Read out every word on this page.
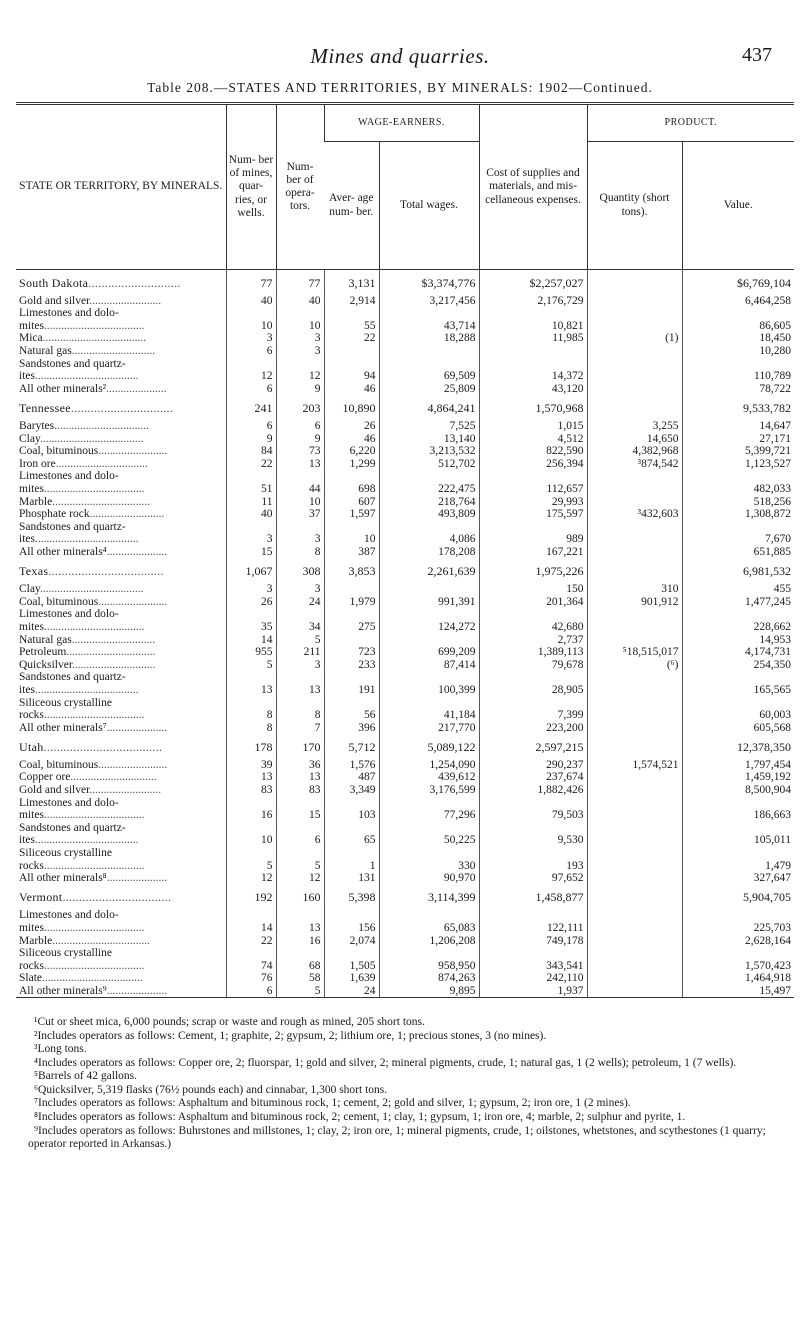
Mines and quarries.	437
Table 208.—STATES AND TERRITORIES, BY MINERALS: 1902—Continued.
STATE OR TERRITORY, BY MINERALS.	Num- ber of mines, quar- ries, or wells.	Num- ber of opera- tors.	WAGE-EARNERS.		Cost of supplies and materials, and mis- cellaneous expenses.	PRODUCT.	
			Aver- age num- ber.	Total wages.		Quantity (short tons).	Value.
South Dakota............................	77	77	3,131	$3,374,776	$2,257,027		$6,769,104
Gold and silver.........................	40	40	2,914	3,217,456	2,176,729		6,464,258
Limestones and dolo-							
mites...................................	10	10	55	43,714	10,821		86,605
Mica....................................	3	3	22	18,288	11,985	(1)	18,450
Natural gas.............................	6	3					10,280
Sandstones and quartz-							
ites....................................	12	12	94	69,509	14,372		110,789
All other minerals².....................	6	9	46	25,809	43,120		78,722
Tennessee...............................	241	203	10,890	4,864,241	1,570,968		9,533,782
Barytes.................................	6	6	26	7,525	1,015	3,255	14,647
Clay....................................	9	9	46	13,140	4,512	14,650	27,171
Coal, bituminous........................	84	73	6,220	3,213,532	822,590	4,382,968	5,399,721
Iron ore................................	22	13	1,299	512,702	256,394	³874,542	1,123,527
Limestones and dolo-							
mites...................................	51	44	698	222,475	112,657		482,033
Marble..................................	11	10	607	218,764	29,993		518,256
Phosphate rock..........................	40	37	1,597	493,809	175,597	³432,603	1,308,872
Sandstones and quartz-							
ites....................................	3	3	10	4,086	989		7,670
All other minerals⁴.....................	15	8	387	178,208	167,221		651,885
Texas...................................	1,067	308	3,853	2,261,639	1,975,226		6,981,532
Clay....................................	3	3			150	310	455
Coal, bituminous........................	26	24	1,979	991,391	201,364	901,912	1,477,245
Limestones and dolo-							
mites...................................	35	34	275	124,272	42,680		228,662
Natural gas.............................	14	5			2,737		14,953
Petroleum...............................	955	211	723	699,209	1,389,113	⁵18,515,017	4,174,731
Quicksilver.............................	5	3	233	87,414	79,678	(⁶)	254,350
Sandstones and quartz-							
ites....................................	13	13	191	100,399	28,905		165,565
Siliceous crystalline							
rocks...................................	8	8	56	41,184	7,399		60,003
All other minerals⁷.....................	8	7	396	217,770	223,200		605,568
Utah....................................	178	170	5,712	5,089,122	2,597,215		12,378,350
Coal, bituminous........................	39	36	1,576	1,254,090	290,237	1,574,521	1,797,454
Copper ore..............................	13	13	487	439,612	237,674		1,459,192
Gold and silver.........................	83	83	3,349	3,176,599	1,882,426		8,500,904
Limestones and dolo-							
mites...................................	16	15	103	77,296	79,503		186,663
Sandstones and quartz-							
ites....................................	10	6	65	50,225	9,530		105,011
Siliceous crystalline							
rocks...................................	5	5	1	330	193		1,479
All other minerals⁸.....................	12	12	131	90,970	97,652		327,647
Vermont.................................	192	160	5,398	3,114,399	1,458,877		5,904,705
Limestones and dolo-							
mites...................................	14	13	156	65,083	122,111		225,703
Marble..................................	22	16	2,074	1,206,208	749,178		2,628,164
Siliceous crystalline							
rocks...................................	74	68	1,505	958,950	343,541		1,570,423
Slate...................................	76	58	1,639	874,263	242,110		1,464,918
All other minerals⁹.....................	6	5	24	9,895	1,937		15,497

¹Cut or sheet mica, 6,000 pounds; scrap or waste and rough as mined, 205 short tons.

²Includes operators as follows: Cement, 1; graphite, 2; gypsum, 2; lithium ore, 1; precious stones, 3 (no mines).

³Long tons.

⁴Includes operators as follows: Copper ore, 2; fluorspar, 1; gold and silver, 2; mineral pigments, crude, 1; natural gas, 1 (2 wells); petroleum, 1 (7 wells).

⁵Barrels of 42 gallons.

⁶Quicksilver, 5,319 flasks (76½ pounds each) and cinnabar, 1,300 short tons.

⁷Includes operators as follows: Asphaltum and bituminous rock, 1; cement, 2; gold and silver, 1; gypsum, 2; iron ore, 1 (2 mines).

⁸Includes operators as follows: Asphaltum and bituminous rock, 2; cement, 1; clay, 1; gypsum, 1; iron ore, 4; marble, 2; sulphur and pyrite, 1.

⁹Includes operators as follows: Buhrstones and millstones, 1; clay, 2; iron ore, 1; mineral pigments, crude, 1; oilstones, whetstones, and scythestones (1 quarry; operator reported in Arkansas.)
